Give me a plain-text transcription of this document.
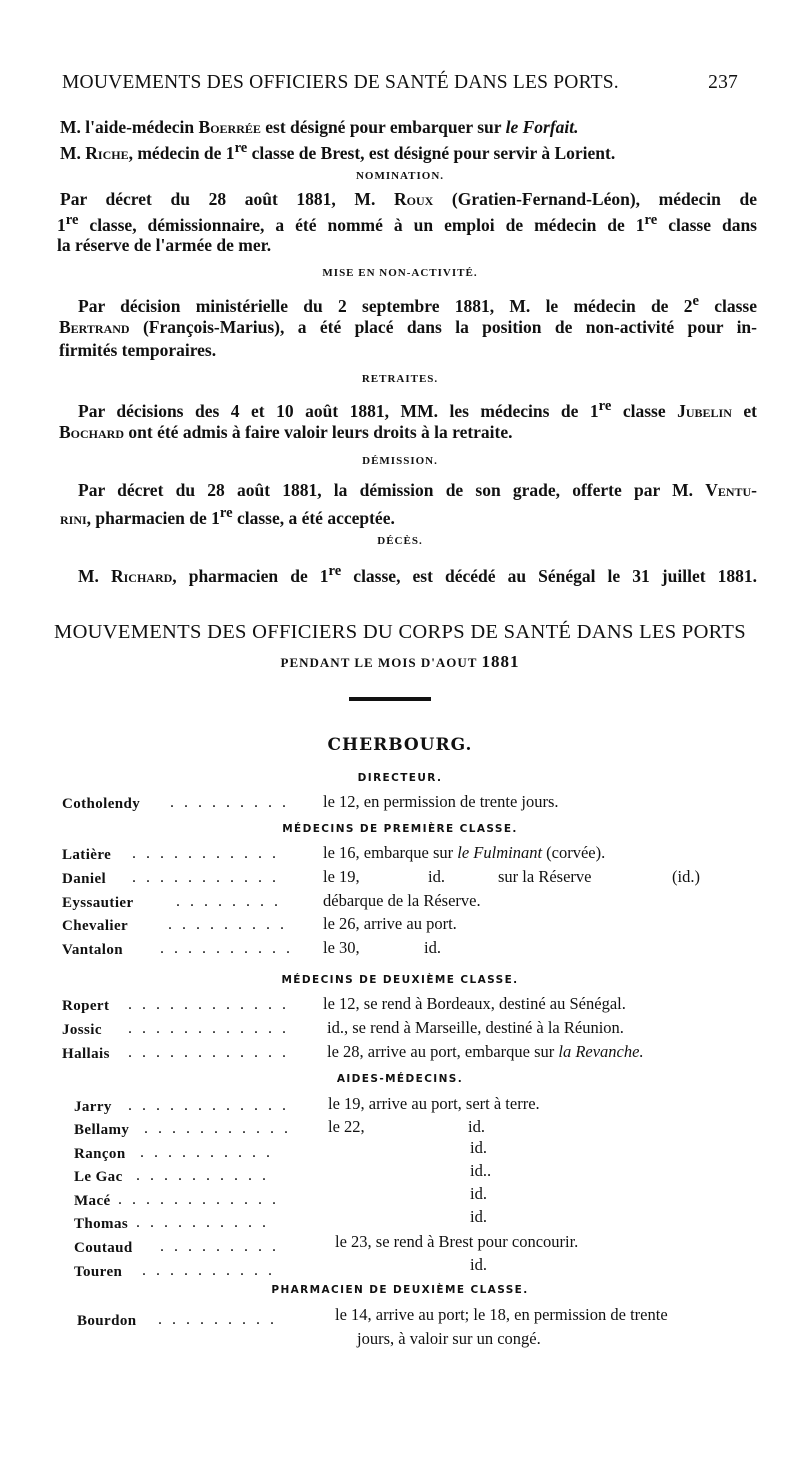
MOUVEMENTS DES OFFICIERS DE SANTÉ DANS LES PORTS.	237
M. l'aide-médecin Boerrée est désigné pour embarquer sur le Forfait.
M. Riche, médecin de 1re classe de Brest, est désigné pour servir à Lorient.
NOMINATION.
Par décret du 28 août 1881, M. Roux (Gratien-Fernand-Léon), médecin de
1re classe, démissionnaire, a été nommé à un emploi de médecin de 1re classe dans
la réserve de l'armée de mer.
MISE EN NON-ACTIVITÉ.
Par décision ministérielle du 2 septembre 1881, M. le médecin de 2e classe
Bertrand (François-Marius), a été placé dans la position de non-activité pour in-
firmités temporaires.
RETRAITES.
Par décisions des 4 et 10 août 1881, MM. les médecins de 1re classe Jubelin et
Bochard ont été admis à faire valoir leurs droits à la retraite.
DÉMISSION.
Par décret du 28 août 1881, la démission de son grade, offerte par M. Ventu-
rini, pharmacien de 1re classe, a été acceptée.
DÉCÈS.
M. Richard, pharmacien de 1re classe, est décédé au Sénégal le 31 juillet 1881.
MOUVEMENTS DES OFFICIERS DU CORPS DE SANTÉ DANS LES PORTS
PENDANT LE MOIS D'AOUT 1881
CHERBOURG.
DIRECTEUR.
Cotholendy . . . . . . . . . le 12, en permission de trente jours.
MÉDECINS DE PREMIÈRE CLASSE.
Latière . . . . . . . . . . .	le 16, embarque sur le Fulminant (corvée).
Daniel . . . . . . . . . . .	le 19,	id.	sur la Réserve	(id.)
Eyssautier	. . . . . . . .	débarque de la Réserve.
Chevalier . . . . . . . . . le 26, arrive au port.
Vantalon . . . . . . . . . . le 30,	id.
MÉDECINS DE DEUXIÈME CLASSE.
Ropert . . . . . . . . . . . . le 12, se rend à Bordeaux, destiné au Sénégal.
Jossic . . . . . . . . . . . . id., se rend à Marseille, destiné à la Réunion.
Hallais . . . . . . . . . . . . le 28, arrive au port, embarque sur la Revanche.
AIDES-MÉDECINS.
Jarry . . . . . . . . . . . . le 19, arrive au port, sert à terre.
Bellamy . . . . . . . . . . . le 22,	id.
Rançon . . . . . . . . . .	id.
Le Gac . . . . . . . . . .	id..
Macé . . . . . . . . . . . .	id.
Thomas . . . . . . . . . .	id.
Coutaud . . . . . . . . .	le 23, se rend à Brest pour concourir.
Touren . . . . . . . . . .	id.
PHARMACIEN DE DEUXIÈME CLASSE.
Bourdon . . . . . . . . .	le 14, arrive au port; le 18, en permission de trente
jours, à valoir sur un congé.
